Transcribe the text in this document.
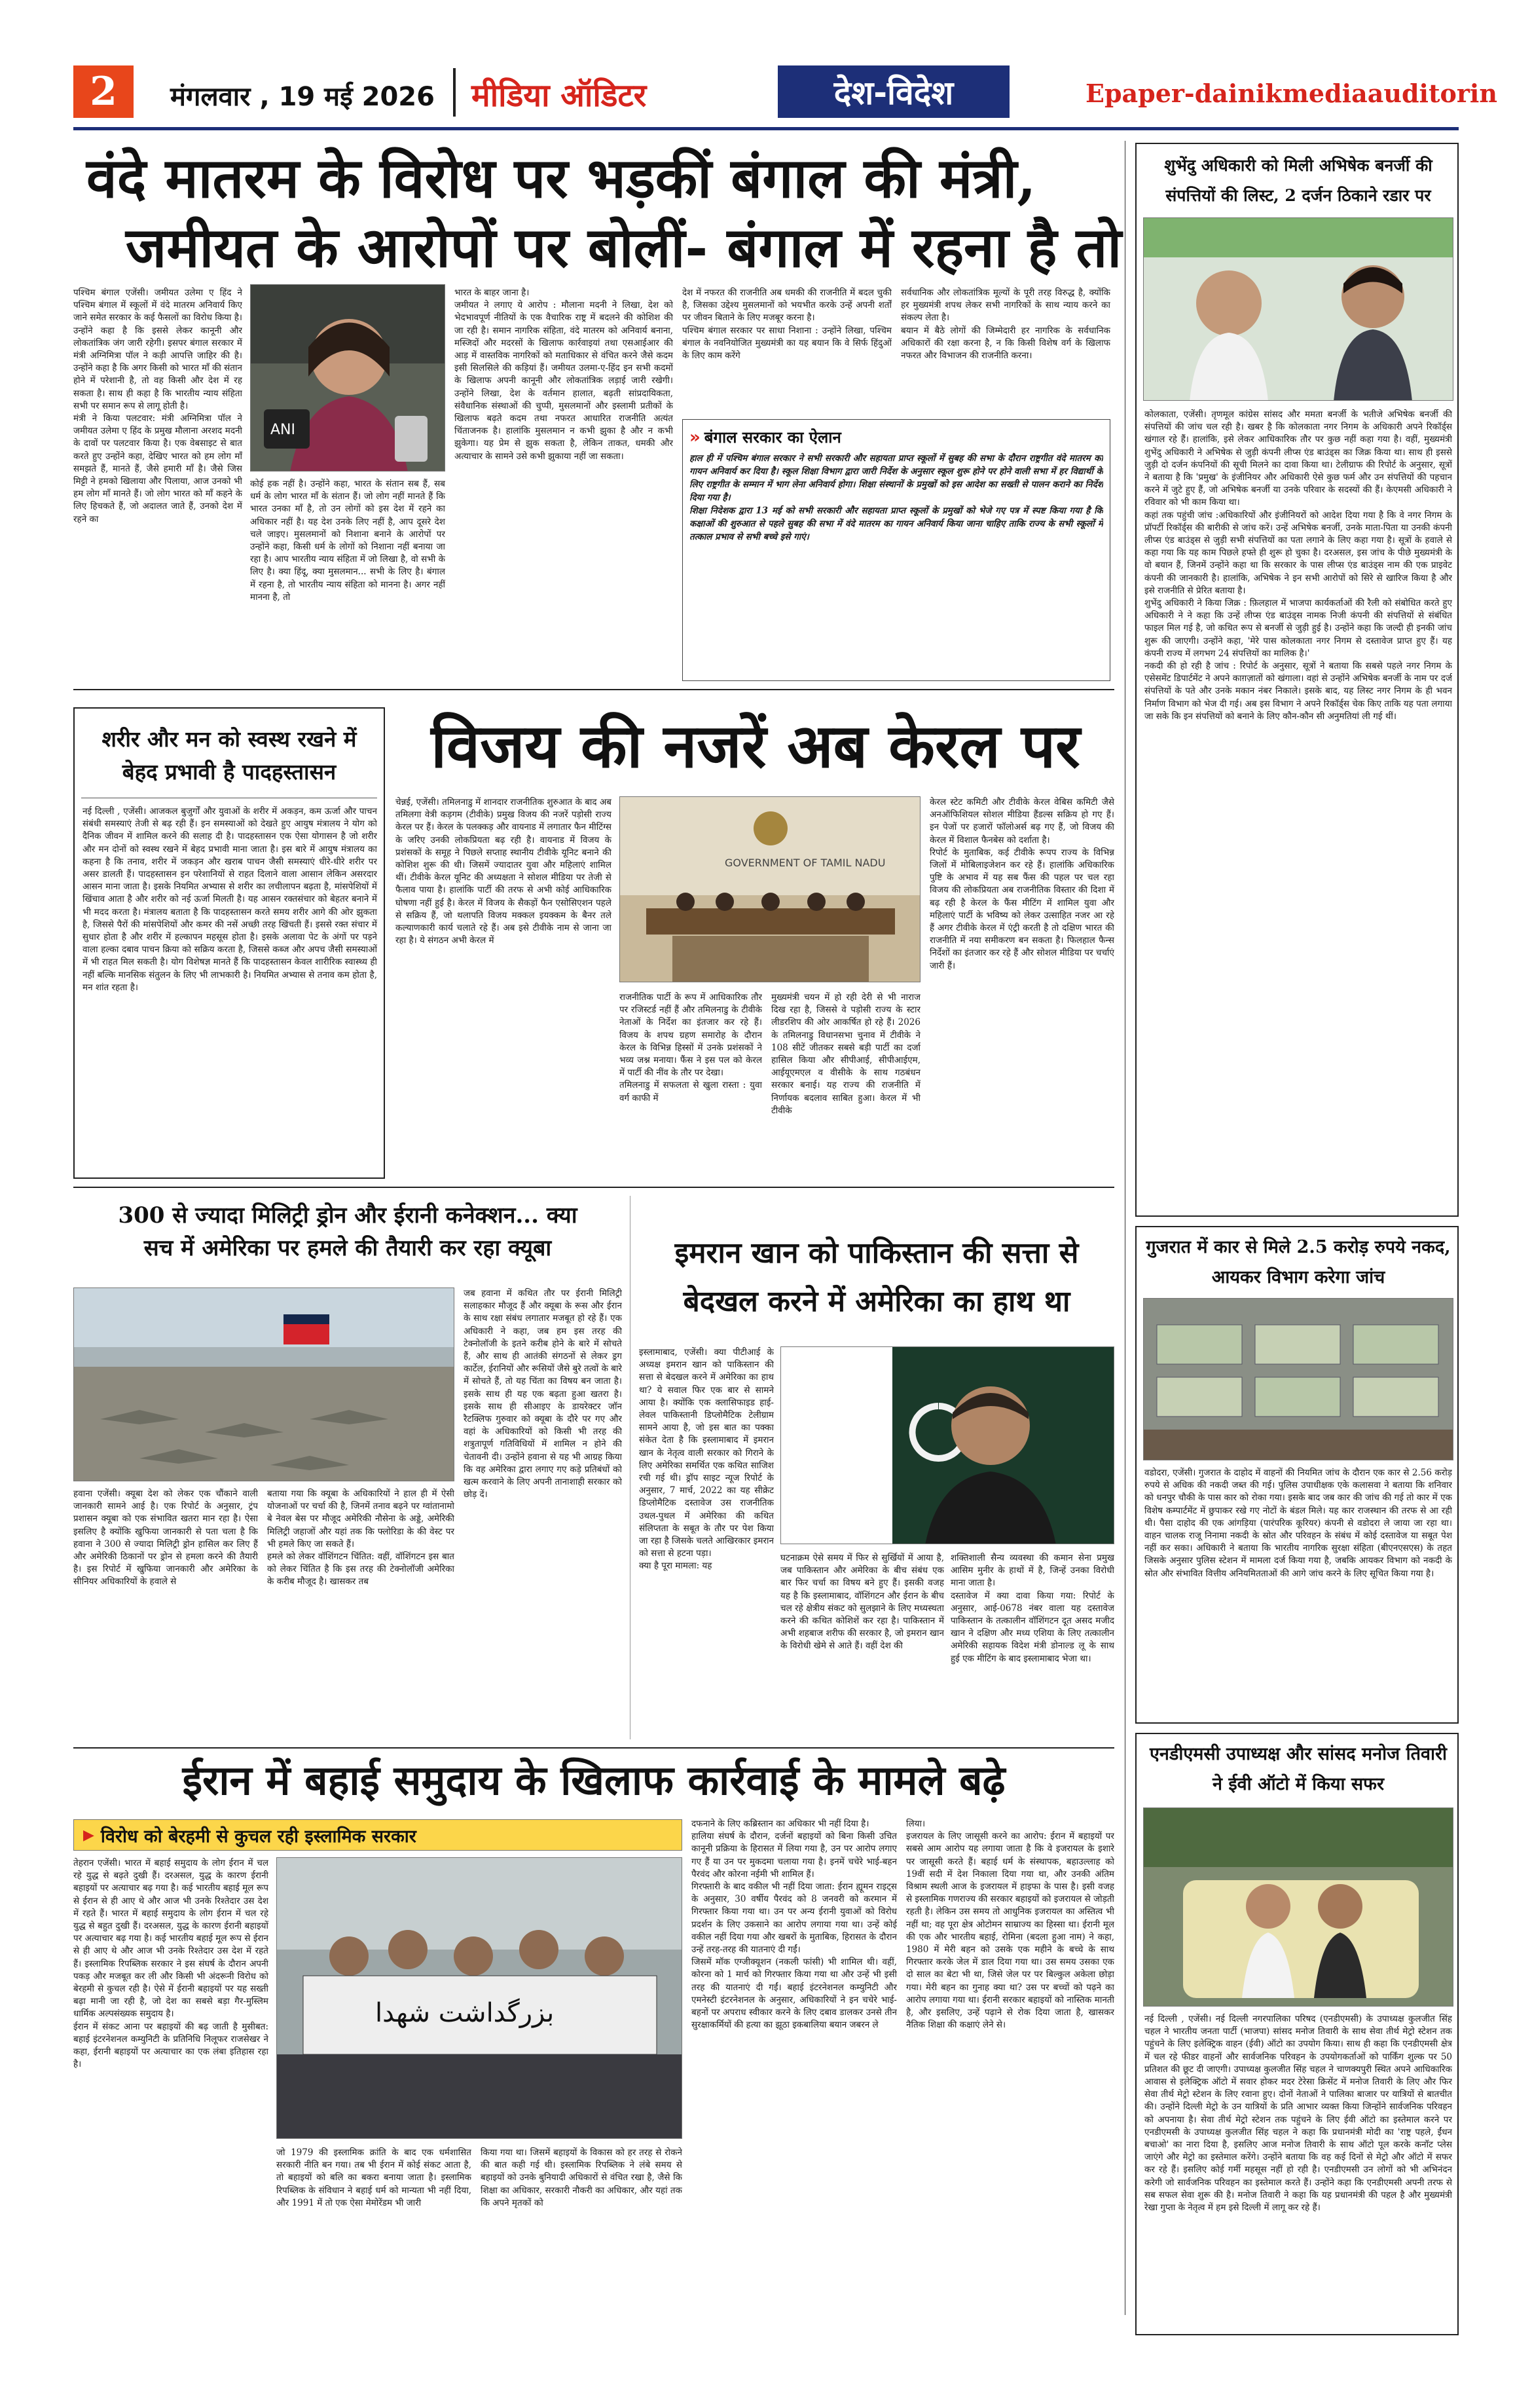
2 मंगलवार , 19 मई 2026 मीडिया ऑडिटर	देश-विदेश	Epaper-dainikmediaauditorin
वंदे मातरम के विरोध पर भड़कीं बंगाल की मंत्री,
जमीयत के आरोपों पर बोलीं- बंगाल में रहना है तो
पश्चिम बंगाल एजेंसी। जमीयत उलेमा ए हिंद ने पश्चिम बंगाल में स्कूलों में वंदे मातरम अनिवार्य किए जाने समेत सरकार के कई फैसलों का विरोध किया है। उन्होंने कहा है कि इससे लेकर कानूनी और लोकतांत्रिक जंग जारी रहेगी। इसपर बंगाल सरकार में मंत्री अग्निमित्रा पॉल ने कड़ी आपत्ति जाहिर की है। उन्होंने कहा है कि अगर किसी को भारत माँ की संतान होने में परेशानी है, तो वह किसी और देश में रह सकता है। साथ ही कहा है कि भारतीय न्याय संहिता सभी पर समान रूप से लागू होती है।
मंत्री ने किया पलटवार: मंत्री अग्निमित्रा पॉल ने जमीयत उलेमा ए हिंद के प्रमुख मौलाना अरशद मदनी के दावों पर पलटवार किया है। एक वेबसाइट से बात करते हुए उन्होंने कहा, देखिए भारत को हम लोग माँ समझते हैं, मानते हैं, जैसे हमारी माँ है। जैसे जिस मिट्टी ने हमको खिलाया और पिलाया, आज उनको भी हम लोग माँ मानते हैं। जो लोग भारत को माँ कहने के लिए हिचकते हैं, जो अदालत जाते हैं, उनको देश में रहने का
ANI
कोई हक नहीं है। उन्होंने कहा, भारत के संतान सब हैं, सब धर्म के लोग भारत माँ के संतान हैं। जो लोग नहीं मानते हैं कि भारत उनका माँ है, तो उन लोगों को इस देश में रहने का अधिकार नहीं है। यह देश उनके लिए नहीं है, आप दूसरे देश चले जाइए। मुसलमानों को निशाना बनाने के आरोपों पर उन्होंने कहा, किसी धर्म के लोगों को निशाना नहीं बनाया जा रहा है। आप भारतीय न्याय संहिता में जो लिखा है, वो सभी के लिए है। क्या हिंदू, क्या मुसलमान... सभी के लिए है। बंगाल में रहना है, तो भारतीय न्याय संहिता को मानना है। अगर नहीं मानना है, तो
भारत के बाहर जाना है।
जमीयत ने लगाए ये आरोप : मौलाना मदनी ने लिखा, देश को भेदभावपूर्ण नीतियों के एक वैचारिक राष्ट्र में बदलने की कोशिश की जा रही है। समान नागरिक संहिता, वंदे मातरम को अनिवार्य बनाना, मस्जिदों और मदरसों के खिलाफ कार्रवाइयां तथा एसआईआर की आड़ में वास्तविक नागरिकों को मताधिकार से वंचित करने जैसे कदम इसी सिलसिले की कड़ियां हैं। जमीयत उलमा-ए-हिंद इन सभी कदमों के खिलाफ अपनी कानूनी और लोकतांत्रिक लड़ाई जारी रखेगी। उन्होंने लिखा, देश के वर्तमान हालात, बढ़ती सांप्रदायिकता, संवैधानिक संस्थाओं की चुप्पी, मुसलमानों और इस्लामी प्रतीकों के खिलाफ बढ़ते कदम तथा नफरत आधारित राजनीति अत्यंत चिंताजनक है। हालांकि मुसलमान न कभी झुका है और न कभी झुकेगा। यह प्रेम से झुक सकता है, लेकिन ताकत, धमकी और अत्याचार के सामने उसे कभी झुकाया नहीं जा सकता।
देश में नफरत की राजनीति अब धमकी की राजनीति में बदल चुकी है, जिसका उद्देश्य मुसलमानों को भयभीत करके उन्हें अपनी शर्तों पर जीवन बिताने के लिए मजबूर करना है।
पश्चिम बंगाल सरकार पर साधा निशाना : उन्होंने लिखा, पश्चिम बंगाल के नवनियोजित मुख्यमंत्री का यह बयान कि वे सिर्फ हिंदुओं के लिए काम करेंगे
सर्वधानिक और लोकतांत्रिक मूल्यों के पूरी तरह विरुद्ध है, क्योंकि हर मुख्यमंत्री शपथ लेकर सभी नागरिकों के साथ न्याय करने का संकल्प लेता है।
बयान में बैठे लोगों की जिम्मेदारी हर नागरिक के सर्वधानिक अधिकारों की रक्षा करना है, न कि किसी विशेष वर्ग के खिलाफ नफरत और विभाजन की राजनीति करना।
» बंगाल सरकार का ऐलान
हाल ही में पश्चिम बंगाल सरकार ने सभी सरकारी और सहायता प्राप्त स्कूलों में सुबह की सभा के दौरान राष्ट्रगीत वंदे मातरम का गायन अनिवार्य कर दिया है। स्कूल शिक्षा विभाग द्वारा जारी निर्देश के अनुसार स्कूल शुरू होने पर होने वाली सभा में हर विद्यार्थी के लिए राष्ट्रगीत के सम्मान में भाग लेना अनिवार्य होगा। शिक्षा संस्थानों के प्रमुखों को इस आदेश का सख्ती से पालन कराने का निर्देश दिया गया है।
शिक्षा निदेशक द्वारा 13 मई को सभी सरकारी और सहायता प्राप्त स्कूलों के प्रमुखों को भेजे गए पत्र में स्पष्ट किया गया है कि कक्षाओं की शुरुआत से पहले सुबह की सभा में वंदे मातरम का गायन अनिवार्य किया जाना चाहिए ताकि राज्य के सभी स्कूलों में तत्काल प्रभाव से सभी बच्चे इसे गाएं।
शरीर और मन को स्वस्थ रखने में बेहद प्रभावी है पादहस्तासन
नई दिल्ली , एजेंसी। आजकल बुजुर्गों और युवाओं के शरीर में अकड़न, कम ऊर्जा और पाचन संबंधी समस्याएं तेजी से बढ़ रही हैं। इन समस्याओं को देखते हुए आयुष मंत्रालय ने योग को दैनिक जीवन में शामिल करने की सलाह दी है। पादहस्तासन एक ऐसा योगासन है जो शरीर और मन दोनों को स्वस्थ रखने में बेहद प्रभावी माना जाता है। इस बारे में आयुष मंत्रालय का कहना है कि तनाव, शरीर में जकड़न और खराब पाचन जैसी समस्याएं धीरे-धीरे शरीर पर असर डालती हैं। पादहस्तासन इन परेशानियों से राहत दिलाने वाला आसान लेकिन असरदार आसन माना जाता है। इसके नियमित अभ्यास से शरीर का लचीलापन बढ़ता है, मांसपेशियों में खिंचाव आता है और शरीर को नई ऊर्जा मिलती है। यह आसन रक्तसंचार को बेहतर बनाने में भी मदद करता है। मंत्रालय बताता है कि पादहस्तासन करते समय शरीर आगे की ओर झुकता है, जिससे पैरों की मांसपेशियों और कमर की नसें अच्छी तरह खिंचती हैं। इससे रक्त संचार में सुधार होता है और शरीर में हल्कापन महसूस होता है। इसके अलावा पेट के अंगों पर पड़ने वाला हल्का दबाव पाचन क्रिया को सक्रिय करता है, जिससे कब्ज और अपच जैसी समस्याओं में भी राहत मिल सकती है। योग विशेषज्ञ मानते हैं कि पादहस्तासन केवल शारीरिक स्वास्थ्य ही नहीं बल्कि मानसिक संतुलन के लिए भी लाभकारी है। नियमित अभ्यास से तनाव कम होता है, मन शांत रहता है।
विजय की नजरें अब केरल पर
चेन्नई, एजेंसी। तमिलनाडु में शानदार राजनीतिक शुरुआत के बाद अब तमिलगा वेत्री कड़गम (टीवीके) प्रमुख विजय की नजरें पड़ोसी राज्य केरल पर हैं। केरल के पलक्कड़ और वायनाड में लगातार फैन मीटिंग्स के जरिए उनकी लोकप्रियता बढ़ रही है। वायनाड में विजय के प्रशंसकों के समूह ने पिछले सप्ताह स्थानीय टीवीके यूनिट बनाने की कोशिश शुरू की थी। जिसमें ज्यादातर युवा और महिलाएं शामिल थीं। टीवीके केरल यूनिट की अध्यक्षता ने सोशल मीडिया पर तेजी से फैलाव पाया है। हालांकि पार्टी की तरफ से अभी कोई आधिकारिक घोषणा नहीं हुई है। केरल में विजय के सैकड़ों फैन एसोसिएशन पहले से सक्रिय हैं, जो थलापति विजय मक्कल इयक्कम के बैनर तले कल्याणकारी कार्य चलाते रहे हैं। अब इसे टीवीके नाम से जाना जा रहा है। ये संगठन अभी केरल में
GOVERNMENT OF TAMIL NADU
राजनीतिक पार्टी के रूप में आधिकारिक तौर पर रजिस्टर्ड नहीं हैं और तमिलनाडु के टीवीके नेताओं के निर्देश का इंतजार कर रहे हैं। विजय के शपथ ग्रहण समारोह के दौरान केरल के विभिन्न हिस्सों में उनके प्रशंसकों ने भव्य जश्न मनाया। फैंस ने इस पल को केरल में पार्टी की नींव के तौर पर देखा।
तमिलनाडु में सफलता से खुला रास्ता : युवा वर्ग काफी में
मुख्यमंत्री चयन में हो रही देरी से भी नाराज दिख रहा है, जिससे वे पड़ोसी राज्य के स्टार लीडरशिप की ओर आकर्षित हो रहे हैं। 2026 के तमिलनाडु विधानसभा चुनाव में टीवीके ने 108 सीटें जीतकर सबसे बड़ी पार्टी का दर्जा हासिल किया और सीपीआई, सीपीआईएम, आईयूएमएल व वीसीके के साथ गठबंधन सरकार बनाई। यह राज्य की राजनीति में निर्णायक बदलाव साबित हुआ। केरल में भी टीवीके
केरल स्टेट कमिटी और टीवीके केरल वेबिस कमिटी जैसे अनऑफिशियल सोशल मीडिया हैंडल्स सक्रिय हो गए हैं। इन पेजों पर हजारों फॉलोअर्स बढ़ गए हैं, जो विजय की केरल में विशाल फैनबेस को दर्शाता है।
रिपोर्ट के मुताबिक, कई टीवीके रूपप राज्य के विभिन्न जिलों में मोबिलाइजेशन कर रहे हैं। हालांकि अधिकारिक पुष्टि के अभाव में यह सब फैंस की पहल पर चल रहा विजय की लोकप्रियता अब राजनीतिक विस्तार की दिशा में बढ़ रही है केरल के फैंस मीटिंग में शामिल युवा और महिलाएं पार्टी के भविष्य को लेकर उत्साहित नजर आ रहे हैं अगर टीवीके केरल में एंट्री करती है तो दक्षिण भारत की राजनीति में नया समीकरण बन सकता है। फिलहाल फैन्स निर्देशों का इंतजार कर रहे हैं और सोशल मीडिया पर चर्चाएं जारी हैं।
शुभेंदु अधिकारी को मिली अभिषेक बनर्जी की संपत्तियों की लिस्ट, 2 दर्जन ठिकाने रडार पर
कोलकाता, एजेंसी। तृणमूल कांग्रेस सांसद और ममता बनर्जी के भतीजे अभिषेक बनर्जी की संपत्तियों की जांच चल रही है। खबर है कि कोलकाता नगर निगम के अधिकारी अपने रिकॉर्ड्स खंगाल रहे हैं। हालांकि, इसे लेकर आधिकारिक तौर पर कुछ नहीं कहा गया है। वहीं, मुख्यमंत्री शुभेंदु अधिकारी ने अभिषेक से जुड़ी कंपनी लीप्स एंड बाउंड्स का जिक्र किया था। साथ ही इससे जुड़ी दो दर्जन कंपनियों की सूची मिलने का दावा किया था। टेलीग्राफ की रिपोर्ट के अनुसार, सूत्रों ने बताया है कि 'प्रमुख' के इंजीनियर और अधिकारी ऐसे कुछ फर्म और उन संपत्तियों की पहचान करने में जुटे हुए हैं, जो अभिषेक बनर्जी या उनके परिवार के सदस्यों की हैं। केएमसी अधिकारी ने रविवार को भी काम किया था।
कहां तक पहुंची जांच :अधिकारियों और इंजीनियरों को आदेश दिया गया है कि वे नगर निगम के प्रॉपर्टी रिकॉर्ड्स की बारीकी से जांच करें। उन्हें अभिषेक बनर्जी, उनके माता-पिता या उनकी कंपनी लीप्स एंड बाउंड्स से जुड़ी सभी संपत्तियों का पता लगाने के लिए कहा गया है। सूत्रों के हवाले से कहा गया कि यह काम पिछले हफ्ते ही शुरू हो चुका है। दरअसल, इस जांच के पीछे मुख्यमंत्री के वो बयान हैं, जिनमें उन्होंने कहा था कि सरकार के पास लीप्स एंड बाउंड्स नाम की एक प्राइवेट कंपनी की जानकारी है। हालांकि, अभिषेक ने इन सभी आरोपों को सिरे से खारिज किया है और इसे राजनीति से प्रेरित बताया है।
शुभेंदु अधिकारी ने किया जिक्र : फ़िलहाल में भाजपा कार्यकर्ताओं की रैली को संबोधित करते हुए अधिकारी ने ने कहा कि उन्हें लीप्स एंड बाउंड्स नामक निजी कंपनी की संपत्तियों से संबंधित फाइल मिल गई है, जो कथित रूप से बनर्जी से जुड़ी हुई है। उन्होंने कहा कि जल्दी ही इनकी जांच शुरू की जाएगी। उन्होंने कहा, 'मेरे पास कोलकाता नगर निगम से दस्तावेज प्राप्त हुए हैं। यह कंपनी राज्य में लगभग 24 संपत्तियों का मालिक है।'
नकदी की हो रही है जांच : रिपोर्ट के अनुसार, सूत्रों ने बताया कि सबसे पहले नगर निगम के एसेसमेंट डिपार्टमेंट ने अपने काग़ज़ातों को खंगाला। वहां से उन्होंने अभिषेक बनर्जी के नाम पर दर्ज संपत्तियों के पते और उनके मकान नंबर निकाले। इसके बाद, यह लिस्ट नगर निगम के ही भवन निर्माण विभाग को भेज दी गई। अब इस विभाग ने अपने रिकॉर्ड्स चेक किए ताकि यह पता लगाया जा सके कि इन संपत्तियों को बनाने के लिए कौन-कौन सी अनुमतियां ली गई थीं।
गुजरात में कार से मिले 2.5 करोड़ रुपये नकद, आयकर विभाग करेगा जांच
वडोदरा, एजेंसी। गुजरात के दाहोद में वाहनों की नियमित जांच के दौरान एक कार से 2.56 करोड़ रुपये से अधिक की नकदी जब्त की गई। पुलिस उपाधीक्षक एके कलासवा ने बताया कि शनिवार को धनपुर चौकी के पास कार को रोका गया। इसके बाद जब कार की जांच की गई तो कार में एक विशेष कम्पार्टमेंट में छुपाकर रखे गए नोटों के बंडल मिले। यह कार राजस्थान की तरफ से आ रही थी। पैसा दाहोद की एक आंगड़िया (पारंपरिक कूरियर) कंपनी से वडोदरा ले जाया जा रहा था। वाहन चालक राजू निनामा नकदी के स्रोत और परिवहन के संबंध में कोई दस्तावेज या सबूत पेश नहीं कर सका। अधिकारी ने बताया कि भारतीय नागरिक सुरक्षा संहिता (बीएनएसएस) के तहत जिसके अनुसार पुलिस स्टेशन में मामला दर्ज किया गया है, जबकि आयकर विभाग को नकदी के स्रोत और संभावित वित्तीय अनियमितताओं की आगे जांच करने के लिए सूचित किया गया है।
एनडीएमसी उपाध्यक्ष और सांसद मनोज तिवारी ने ईवी ऑटो में किया सफर
नई दिल्ली , एजेंसी। नई दिल्ली नगरपालिका परिषद (एनडीएमसी) के उपाध्यक्ष कुलजीत सिंह चहल ने भारतीय जनता पार्टी (भाजपा) सांसद मनोज तिवारी के साथ सेवा तीर्थ मेट्रो स्टेशन तक पहुंचने के लिए इलेक्ट्रिक वाहन (ईवी) ऑटो का उपयोग किया। साथ ही कहा कि एनडीएमसी क्षेत्र में चल रहे फीडर वाहनों और सार्वजनिक परिवहन के उपयोगकर्ताओं को पार्किंग शुल्क पर 50 प्रतिशत की छूट दी जाएगी। उपाध्यक्ष कुलजीत सिंह चहल ने चाणक्यपुरी स्थित अपने आधिकारिक आवास से इलेक्ट्रिक ऑटो में सवार होकर मदर टेरेसा क्रिसेंट में मनोज तिवारी के लिए और फिर सेवा तीर्थ मेट्रो स्टेशन के लिए रवाना हुए। दोनों नेताओं ने पालिका बाजार पर यात्रियों से बातचीत की। उन्होंने दिल्ली मेट्रो के उन यात्रियों के प्रति आभार व्यक्त किया जिन्होंने सार्वजनिक परिवहन को अपनाया है। सेवा तीर्थ मेट्रो स्टेशन तक पहुंचने के लिए ईवी ऑटो का इस्तेमाल करने पर एनडीएमसी के उपाध्यक्ष कुलजीत सिंह चहल ने कहा कि प्रधानमंत्री मोदी का 'राष्ट्र पहले, ईंधन बचाओ' का नारा दिया है, इसलिए आज मनोज तिवारी के साथ ऑटो पूल करके कनॉट प्लेस जाएंगे और मेट्रो का इस्तेमाल करेंगे। उन्होंने बताया कि वह कई दिनों से मेट्रो और ऑटो में सफर कर रहे हैं। इसलिए कोई गर्मी महसूस नहीं हो रही है। एनडीएमसी उन लोगों को भी अभिनंदन करेगी जो सार्वजनिक परिवहन का इस्तेमाल करते हैं। उन्होंने कहा कि एनडीएमसी अपनी तरफ से सब सफल सेवा शुरू की है। मनोज तिवारी ने कहा कि यह प्रधानमंत्री की पहल है और मुख्यमंत्री रेखा गुप्ता के नेतृत्व में हम इसे दिल्ली में लागू कर रहे हैं।
300 से ज्यादा मिलिट्री ड्रोन और ईरानी कनेक्शन... क्या
सच में अमेरिका पर हमले की तैयारी कर रहा क्यूबा
हवाना एजेंसी। क्यूबा देश को लेकर एक चौंकाने वाली जानकारी सामने आई है। एक रिपोर्ट के अनुसार, ट्रंप प्रशासन क्यूबा को एक संभावित खतरा मान रहा है। ऐसा इसलिए है क्योंकि खुफिया जानकारी से पता चला है कि हवाना ने 300 से ज्यादा मिलिट्री ड्रोन हासिल कर लिए हैं और अमेरिकी ठिकानों पर ड्रोन से हमला करने की तैयारी है। इस रिपोर्ट में खुफिया जानकारी और अमेरिका के सीनियर अधिकारियों के हवाले से
बताया गया कि क्यूबा के अधिकारियों ने हाल ही में ऐसी योजनाओं पर चर्चा की है, जिनमें तनाव बढ़ने पर ग्वांतानामो बे नेवल बेस पर मौजूद अमेरिकी नौसेना के अड्डे, अमेरिकी मिलिट्री जहाजों और यहां तक कि फ्लोरिडा के की वेस्ट पर भी हमले किए जा सकते हैं।
हमले को लेकर वॉशिंगटन चिंतित: वहीं, वॉशिंगटन इस बात को लेकर चिंतित है कि इस तरह की टेक्नोलॉजी अमेरिका के करीब मौजूद है। खासकर तब
जब हवाना में कथित तौर पर ईरानी मिलिट्री सलाहकार मौजूद हैं और क्यूबा के रूस और ईरान के साथ रक्षा संबंध लगातार मजबूत हो रहे हैं। एक अधिकारी ने कहा, जब हम इस तरह की टेक्नोलॉजी के इतने करीब होने के बारे में सोचते हैं, और साथ ही आतंकी संगठनों से लेकर ड्रग कार्टेल, ईरानियों और रूसियों जैसे बुरे तत्वों के बारे में सोचते हैं, तो यह चिंता का विषय बन जाता है। इसके साथ ही यह एक बढ़ता हुआ खतरा है। इसके साथ ही सीआइए के डायरेक्टर जॉन रैटक्लिफ गुरुवार को क्यूबा के दौरे पर गए और वहां के अधिकारियों को किसी भी तरह की शत्रुतापूर्ण गतिविधियों में शामिल न होने की चेतावनी दी। उन्होंने हवाना से यह भी आग्रह किया कि वह अमेरिका द्वारा लगाए गए कड़े प्रतिबंधों को खत्म करवाने के लिए अपनी तानाशाही सरकार को छोड़ दें।
इमरान खान को पाकिस्तान की सत्ता से
बेदखल करने में अमेरिका का हाथ था
इस्लामाबाद, एजेंसी। क्या पीटीआई के अध्यक्ष इमरान खान को पाकिस्तान की सत्ता से बेदखल करने में अमेरिका का हाथ था? ये सवाल फिर एक बार से सामने आया है। क्योंकि एक क्लासिफाइड हाई-लेवल पाकिस्तानी डिप्लोमैटिक टेलीग्राम सामने आया है, जो इस बात का पक्का संकेत देता है कि इस्लामाबाद में इमरान खान के नेतृत्व वाली सरकार को गिराने के लिए अमेरिका समर्थित एक कथित साजिश रची गई थी। ड्रॉप साइट न्यूज रिपोर्ट के अनुसार, 7 मार्च, 2022 का यह सीक्रेट डिप्लोमैटिक दस्तावेज उस राजनीतिक उथल-पुथल में अमेरिका की कथित संलिप्तता के सबूत के तौर पर पेश किया जा रहा है जिसके चलते आखिरकार इमरान को सत्ता से हटना पड़ा।
क्या है पूरा मामला: यह
घटनाक्रम ऐसे समय में फिर से सुर्खियों में आया है, जब पाकिस्तान और अमेरिका के बीच संबंध एक बार फिर चर्चा का विषय बने हुए हैं। इसकी वजह यह है कि इस्लामाबाद, वॉशिंगटन और ईरान के बीच चल रहे क्षेत्रीय संकट को सुलझाने के लिए मध्यस्थता करने की कथित कोशिशें कर रहा है। पाकिस्तान में अभी शहबाज शरीफ की सरकार है, जो इमरान खान के विरोधी खेमे से आते हैं। वहीं देश की
शक्तिशाली सैन्य व्यवस्था की कमान सेना प्रमुख आसिम मुनीर के हाथों में है, जिन्हें उनका विरोधी माना जाता है।
दस्तावेज में क्या दावा किया गया: रिपोर्ट के अनुसार, आई-0678 नंबर वाला यह दस्तावेज पाकिस्तान के तत्कालीन वॉशिंगटन दूत असद मजीद खान ने दक्षिण और मध्य एशिया के लिए तत्कालीन अमेरिकी सहायक विदेश मंत्री डोनाल्ड लू के साथ हुई एक मीटिंग के बाद इस्लामाबाद भेजा था।
ईरान में बहाई समुदाय के खिलाफ कार्रवाई के मामले बढ़े
▶ विरोध को बेरहमी से कुचल रही इस्लामिक सरकार
तेहरान एजेंसी। भारत में बहाई समुदाय के लोग ईरान में चल रहे युद्ध से बढ़ते दुखी हैं। दरअसल, युद्ध के कारण ईरानी बहाइयों पर अत्याचार बढ़ गया है। कई भारतीय बहाई मूल रूप से ईरान से ही आए थे और आज भी उनके रिश्तेदार उस देश में रहते हैं। भारत में बहाई समुदाय के लोग ईरान में चल रहे युद्ध से बहुत दुखी हैं। दरअसल, युद्ध के कारण ईरानी बहाइयों पर अत्याचार बढ़ गया है। कई भारतीय बहाई मूल रूप से ईरान से ही आए थे और आज भी उनके रिश्तेदार उस देश में रहते हैं। इस्लामिक रिपब्लिक सरकार ने इस संघर्ष के दौरान अपनी पकड़ और मजबूत कर ली और किसी भी अंदरूनी विरोध को बेरहमी से कुचल रही है। ऐसे में ईरानी बहाइयों पर यह सख्ती बढ़ा मानी जा रही है, जो देश का सबसे बड़ा गैर-मुस्लिम धार्मिक अल्पसंख्यक समुदाय है।
ईरान में संकट आना पर बहाइयों की बढ़ जाती है मुसीबत: बहाई इंटरनेशनल कम्युनिटी के प्रतिनिधि निलूफर राजसेखर ने कहा, ईरानी बहाइयों पर अत्याचार का एक लंबा इतिहास रहा है।
بزرگداشت شهدا
जो 1979 की इस्लामिक क्रांति के बाद एक धर्मशासित सरकारी नीति बन गया। तब भी ईरान में कोई संकट आता है, तो बहाइयों को बलि का बकरा बनाया जाता है। इस्लामिक रिपब्लिक के संविधान ने बहाई धर्म को मान्यता भी नहीं दिया, और 1991 में तो एक ऐसा मेमोरेंडम भी जारी
किया गया था। जिसमें बहाइयों के विकास को हर तरह से रोकने की बात कही गई थी। इस्लामिक रिपब्लिक ने लंबे समय से बहाइयों को उनके बुनियादी अधिकारों से वंचित रखा है, जैसे कि शिक्षा का अधिकार, सरकारी नौकरी का अधिकार, और यहां तक कि अपने मृतकों को
दफनाने के लिए कब्रिस्तान का अधिकार भी नहीं दिया है।
हालिया संघर्ष के दौरान, दर्जनों बहाइयों को बिना किसी उचित कानूनी प्रक्रिया के हिरासत में लिया गया है, उन पर आरोप लगाए गए हैं या उन पर मुकदमा चलाया गया है। इनमें चचेरे भाई-बहन पैरवंद और कोरना नईमी भी शामिल हैं।
गिरफ्तारी के बाद वकील भी नहीं दिया जाता: ईरान ह्यूमन राइट्स के अनुसार, 30 वर्षीय पैरवंद को 8 जनवरी को करमान में गिरफ्तार किया गया था। उन पर अन्य ईरानी युवाओं को विरोध प्रदर्शन के लिए उकसाने का आरोप लगाया गया था। उन्हें कोई वकील नहीं दिया गया और खबरों के मुताबिक, हिरासत के दौरान उन्हें तरह-तरह की यातनाएं दी गईं।
जिसमें मॉक एग्जीक्यूशन (नकली फांसी) भी शामिल थी। वहीं, कोरना को 1 मार्च को गिरफ्तार किया गया था और उन्हें भी इसी तरह की यातनाएं दी गईं। बहाई इंटरनेशनल कम्युनिटी और एमनेस्टी इंटरनेशनल के अनुसार, अधिकारियों ने इन चचेरे भाई-बहनों पर अपराध स्वीकार करने के लिए दबाव डालकर उनसे तीन सुरक्षाकर्मियों की हत्या का झूठा इकबालिया बयान जबरन ले
लिया।
इजरायल के लिए जासूसी करने का आरोप: ईरान में बहाइयों पर सबसे आम आरोप यह लगाया जाता है कि वे इजरायल के इशारे पर जासूसी करते हैं। बहाई धर्म के संस्थापक, बहाउल्लाह को 19वीं सदी में देश निकाला दिया गया था, और उनकी अंतिम विश्राम स्थली आज के इजरायल में हाइफा के पास है। इसी वजह से इस्लामिक गणराज्य की सरकार बहाइयों को इजरायल से जोड़ती रहती है। लेकिन उस समय तो आधुनिक इजरायल का अस्तित्व भी नहीं था; वह पूरा क्षेत्र ओटोमन साम्राज्य का हिस्सा था। ईरानी मूल की एक और भारतीय बहाई, रोमिना (बदला हुआ नाम) ने कहा, 1980 में मेरी बहन को उसके एक महीने के बच्चे के साथ गिरफ्तार करके जेल में डाल दिया गया था। उस समय उसका एक दो साल का बेटा भी था, जिसे जेल पर पर बिल्कुल अकेला छोड़ा गया। मेरी बहन का गुनाह क्या था? उस पर बच्चों को पढ़ने का आरोप लगाया गया था। ईरानी सरकार बहाइयों को नास्तिक मानती है, और इसलिए, उन्हें पढ़ाने से रोक दिया जाता है, खासकर नैतिक शिक्षा की कक्षाएं लेने से।
